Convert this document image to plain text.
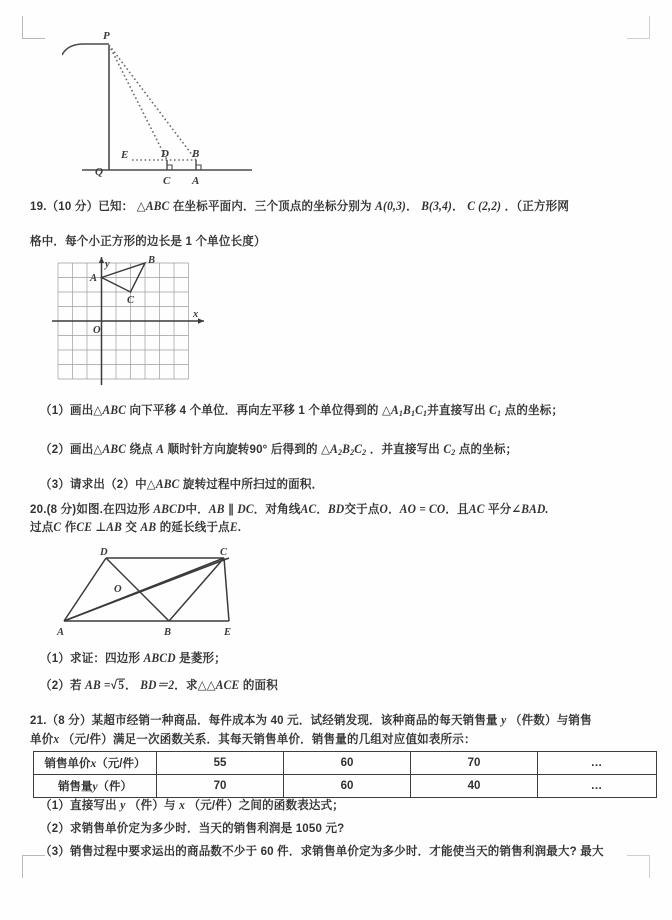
P
Q
E	D B
C A
19.（10 分）已知： △ABC 在坐标平面内．三个顶点的坐标分别为 A(0,3)． B(3,4)． C (2,2) ．（正方形网
格中．每个小正方形的边长是 1 个单位长度）
A
B
C
O
x
y
（1）画出△ABC 向下平移 4 个单位．再向左平移 1 个单位得到的 $\triangle A_1B_1C_1$并直接写出 $C_1$ 点的坐标；
（2）画出△ABC 绕点 A 顺时针方向旋转90° 后得到的 $\triangle A_2B_2C_2$ ．并直接写出 $C_2$ 点的坐标；
（3）请求出（2）中△ABC 旋转过程中所扫过的面积．
20.(8 分)如图.在四边形 ABCD中．AB ∥ DC．对角线AC．BD交于点O．AO = CO．且AC 平分∠BAD.
过点C 作CE ⊥AB 交 AB 的延长线于点E.
D	C
O
A	B	E
（1）求证：四边形 ABCD 是菱形；
（2）若 AB =√5． BD＝2．求△△ACE 的面积
21.（8 分）某超市经销一种商品．每件成本为 40 元．试经销发现．该种商品的每天销售量 y （件数）与销售
单价x （元/件）满足一次函数关系．其每天销售单价．销售量的几组对应值如表所示：
销售单价x（元/件）	55	60	70	…
销售量y（件）	70	60	40	…
（1）直接写出 y （件）与 x （元/件）之间的函数表达式；
（2）求销售单价定为多少时．当天的销售利润是 1050 元?
（3）销售过程中要求运出的商品数不少于 60 件．求销售单价定为多少时．才能使当天的销售利润最大? 最大
